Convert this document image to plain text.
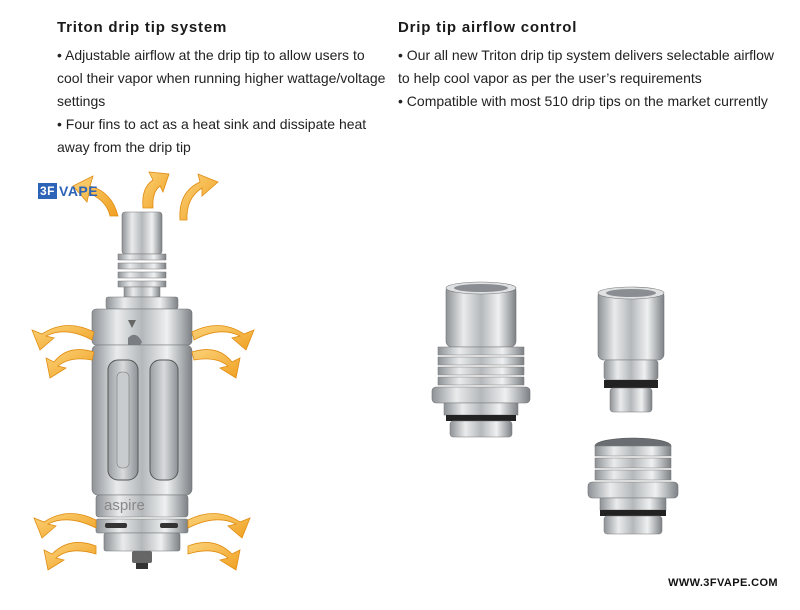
Triton drip tip system

• Adjustable airflow at the drip tip to allow users to cool their vapor when running higher wattage/voltage settings

• Four fins to act as a heat sink and dissipate heat away from the drip tip

Drip tip airflow control

• Our all new Triton drip tip system delivers selectable airflow to help cool vapor as per the user’s requirements

• Compatible with most 510 drip tips on the market currently

aspire
3F VAPE
WWW.3FVAPE.COM
